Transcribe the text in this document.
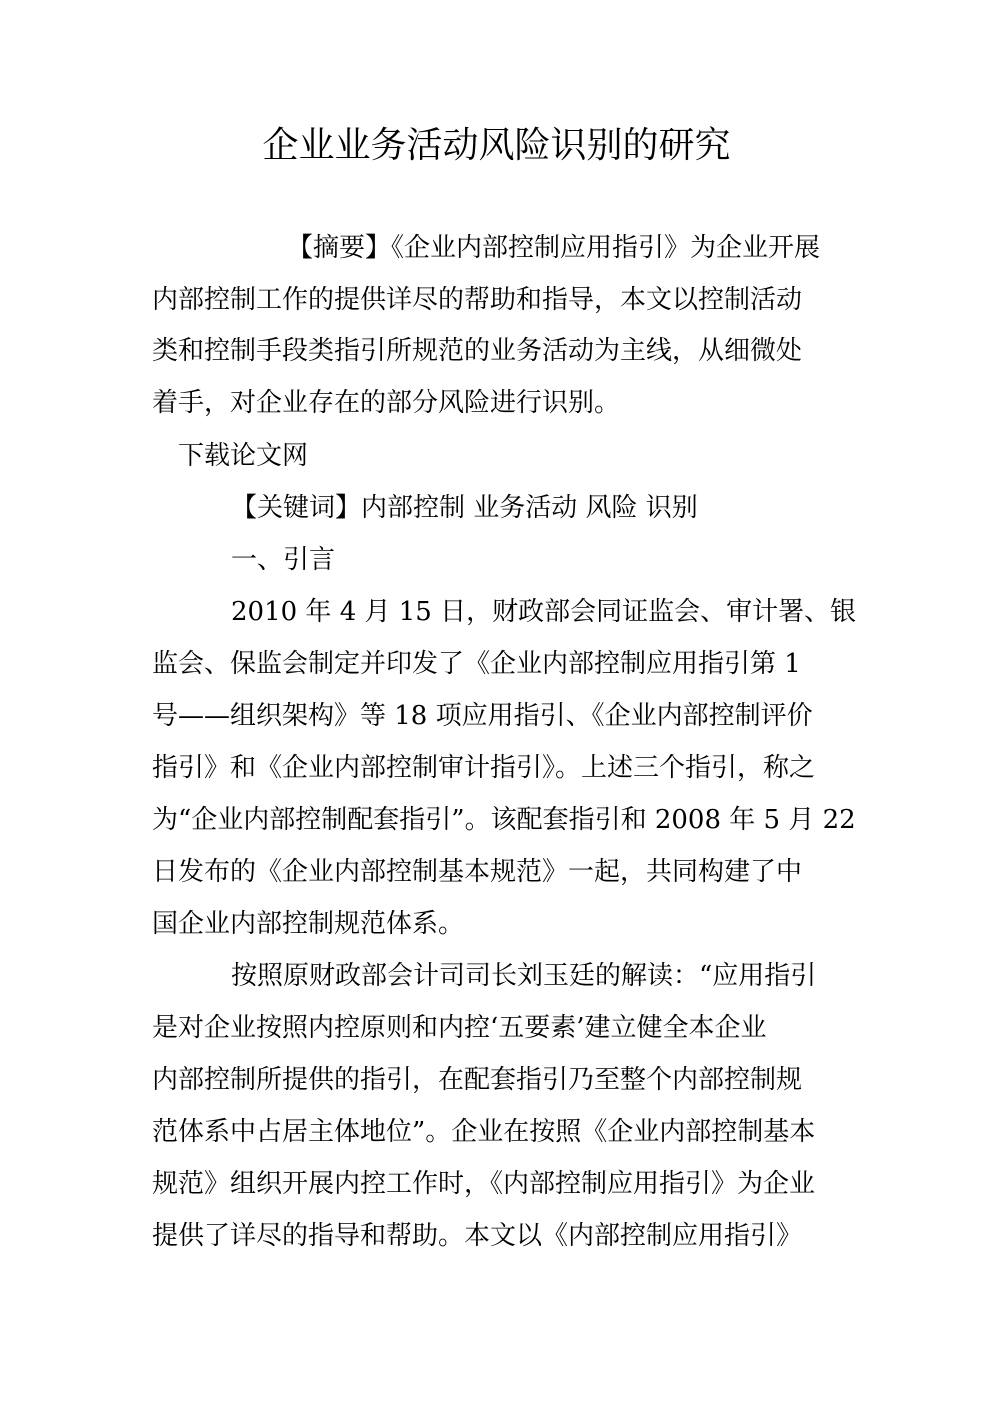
企业业务活动风险识别的研究
【摘要】《企业内部控制应用指引》为企业开展
内部控制工作的提供详尽的帮助和指导，本文以控制活动
类和控制手段类指引所规范的业务活动为主线，从细微处
着手，对企业存在的部分风险进行识别。
下载论文网
【关键词】内部控制 业务活动 风险 识别
一、引言
2010 年 4 月 15 日，财政部会同证监会、审计署、银
监会、保监会制定并印发了《企业内部控制应用指引第 1
号——组织架构》等 18 项应用指引、《企业内部控制评价
指引》和《企业内部控制审计指引》。上述三个指引，称之
为“企业内部控制配套指引”。该配套指引和 2008 年 5 月 22
日发布的《企业内部控制基本规范》一起，共同构建了中
国企业内部控制规范体系。
按照原财政部会计司司长刘玉廷的解读：“应用指引
是对企业按照内控原则和内控‘五要素’建立健全本企业
内部控制所提供的指引，在配套指引乃至整个内部控制规
范体系中占居主体地位”。企业在按照《企业内部控制基本
规范》组织开展内控工作时，《内部控制应用指引》为企业
提供了详尽的指导和帮助。本文以《内部控制应用指引》
